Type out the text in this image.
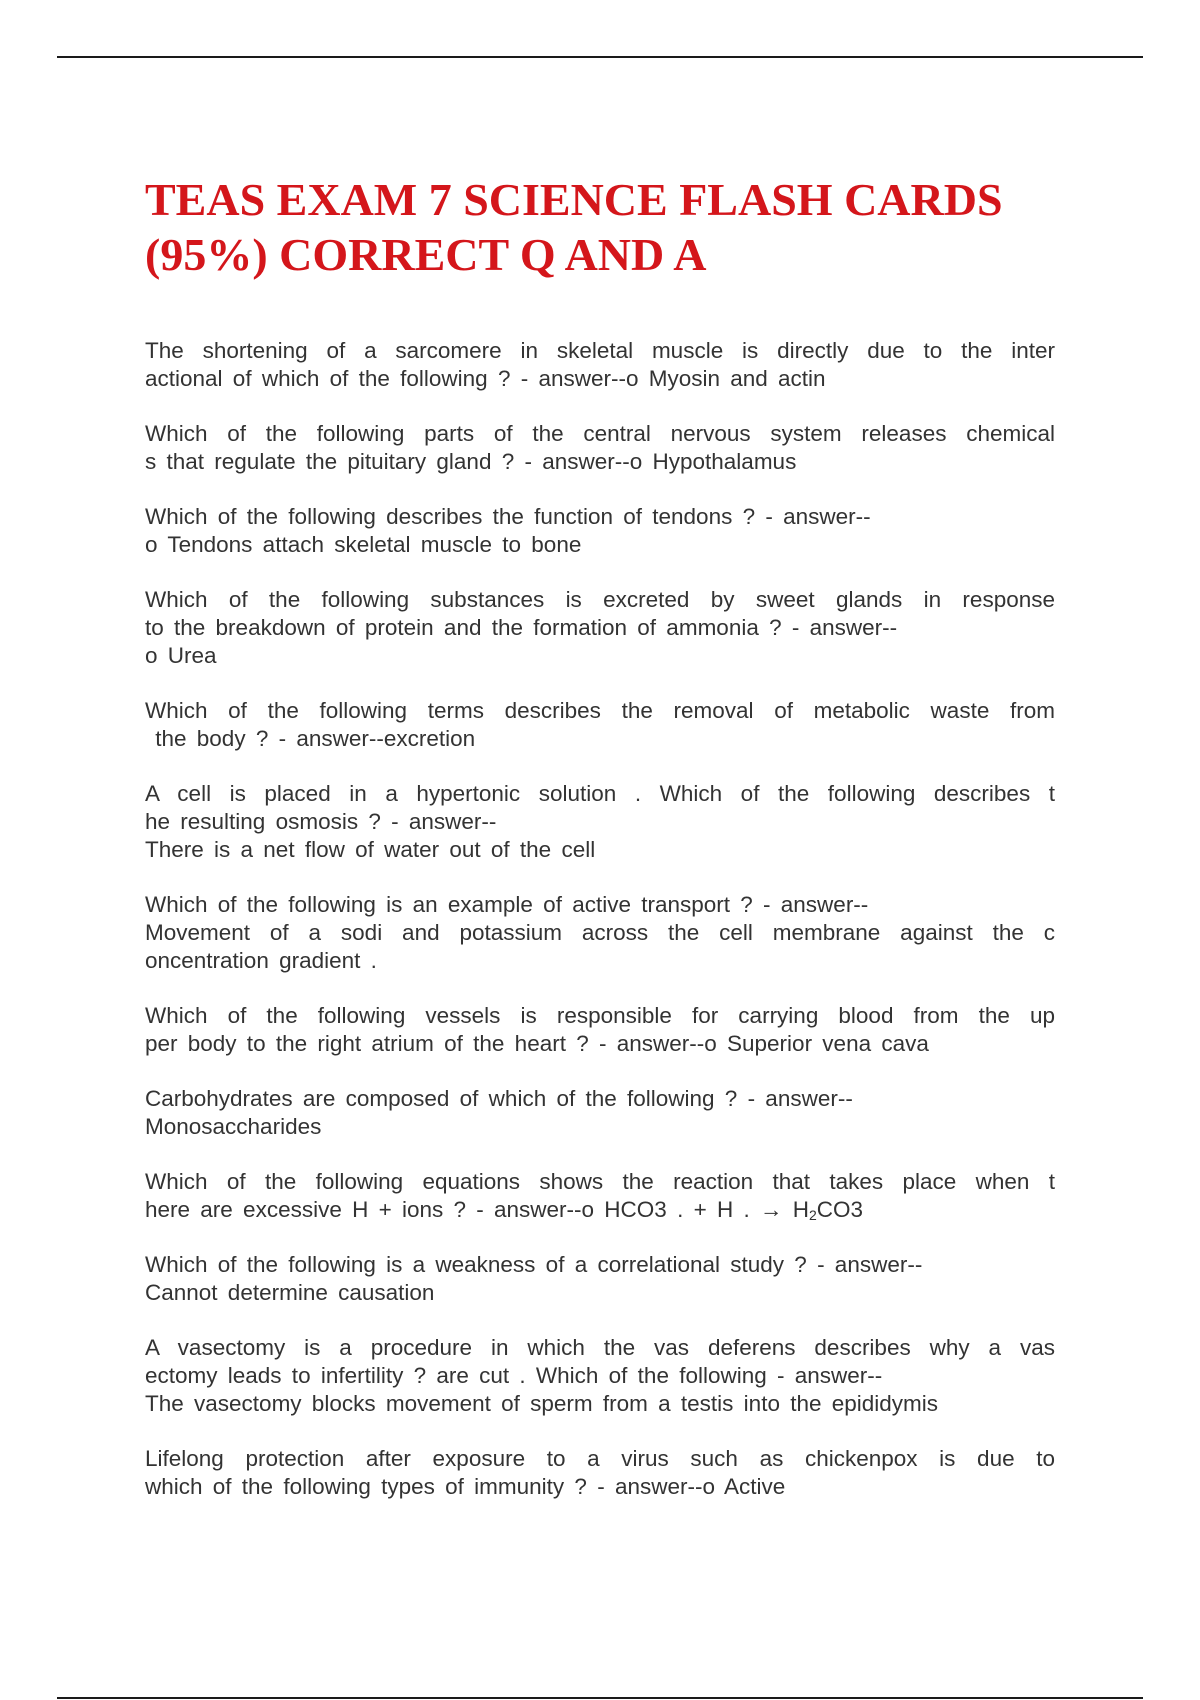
TEAS EXAM 7 SCIENCE FLASH CARDS
(95%) CORRECT Q AND A

The shortening of a sarcomere in skeletal muscle is directly due to the inter
actional of which of the following ? - answer--o Myosin and actin

Which of the following parts of the central nervous system releases chemical
s that regulate the pituitary gland ? - answer--o Hypothalamus

Which of the following describes the function of tendons ? - answer--
o Tendons attach skeletal muscle to bone

Which of the following substances is excreted by sweet glands in response
to the breakdown of protein and the formation of ammonia ? - answer--
o Urea

Which of the following terms describes the removal of metabolic waste from
the body ? - answer--excretion

A cell is placed in a hypertonic solution . Which of the following describes t
he resulting osmosis ? - answer--
There is a net flow of water out of the cell

Which of the following is an example of active transport ? - answer--
Movement of a sodi and potassium across the cell membrane against the c
oncentration gradient .

Which of the following vessels is responsible for carrying blood from the up
per body to the right atrium of the heart ? - answer--o Superior vena cava

Carbohydrates are composed of which of the following ? - answer--
Monosaccharides

Which of the following equations shows the reaction that takes place when t
here are excessive H + ions ? - answer--o HCO3 . + H . → $H_2CO3$

Which of the following is a weakness of a correlational study ? - answer--
Cannot determine causation

A vasectomy is a procedure in which the vas deferens describes why a vas
ectomy leads to infertility ? are cut . Which of the following - answer--
The vasectomy blocks movement of sperm from a testis into the epididymis

Lifelong protection after exposure to a virus such as chickenpox is due to
which of the following types of immunity ? - answer--o Active
